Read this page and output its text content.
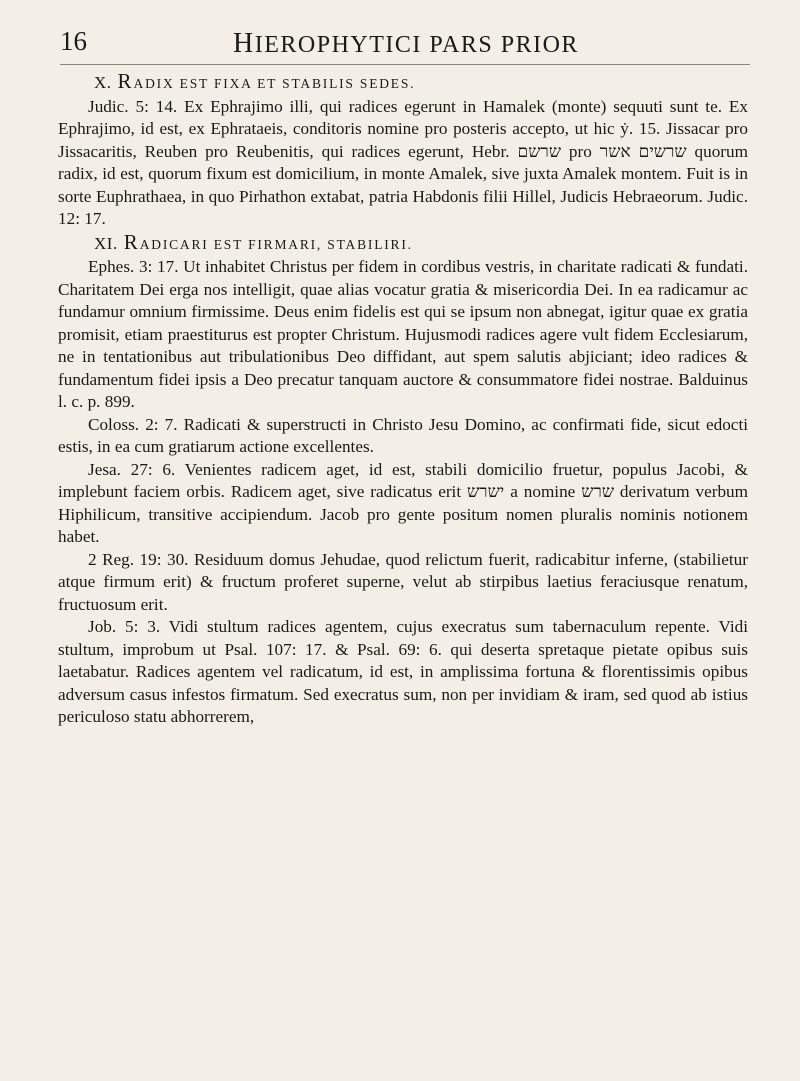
16	HIEROPHYTICI PARS PRIOR

X. RADIX EST FIXA ET STABILIS SEDES.

Judic. 5: 14. Ex Ephrajimo illi, qui radices egerunt in Hamalek (monte) sequuti sunt te. Ex Ephrajimo, id est, ex Ephrataeis, conditoris nomine pro posteris accepto, ut hic ẏ. 15. Jissacar pro Jissacaritis, Reuben pro Reubenitis, qui radices egerunt, Hebr. שרשם pro שרשים אשר quorum radix, id est, quorum fixum est domicilium, in monte Amalek, sive juxta Amalek montem. Fuit is in sorte Euphrathaea, in quo Pirhathon extabat, patria Habdonis filii Hillel, Judicis Hebraeorum. Judic. 12: 17.

XI. RADICARI EST FIRMARI, STABILIRI.

Ephes. 3: 17. Ut inhabitet Christus per fidem in cordibus vestris, in charitate radicati & fundati. Charitatem Dei erga nos intelligit, quae alias vocatur gratia & misericordia Dei. In ea radicamur ac fundamur omnium firmissime. Deus enim fidelis est qui se ipsum non abnegat, igitur quae ex gratia promisit, etiam praestiturus est propter Christum. Hujusmodi radices agere vult fidem Ecclesiarum, ne in tentationibus aut tribulationibus Deo diffidant, aut spem salutis abjiciant; ideo radices & fundamentum fidei ipsis a Deo precatur tanquam auctore & consummatore fidei nostrae. Balduinus l. c. p. 899.

Coloss. 2: 7. Radicati & superstructi in Christo Jesu Domino, ac confirmati fide, sicut edocti estis, in ea cum gratiarum actione excellentes.

Jesa. 27: 6. Venientes radicem aget, id est, stabili domicilio fruetur, populus Jacobi, & implebunt faciem orbis. Radicem aget, sive radicatus erit ישרש a nomine שרש derivatum verbum Hiphilicum, transitive accipiendum. Jacob pro gente positum nomen pluralis nominis notionem habet.

2 Reg. 19: 30. Residuum domus Jehudae, quod relictum fuerit, radicabitur inferne, (stabilietur atque firmum erit) & fructum proferet superne, velut ab stirpibus laetius feraciusque renatum, fructuosum erit.

Job. 5: 3. Vidi stultum radices agentem, cujus execratus sum tabernaculum repente. Vidi stultum, improbum ut Psal. 107: 17. & Psal. 69: 6. qui deserta spretaque pietate opibus suis laetabatur. Radices agentem vel radicatum, id est, in amplissima fortuna & florentissimis opibus adversum casus infestos firmatum. Sed execratus sum, non per invidiam & iram, sed quod ab istius periculoso statu abhorrerem,
